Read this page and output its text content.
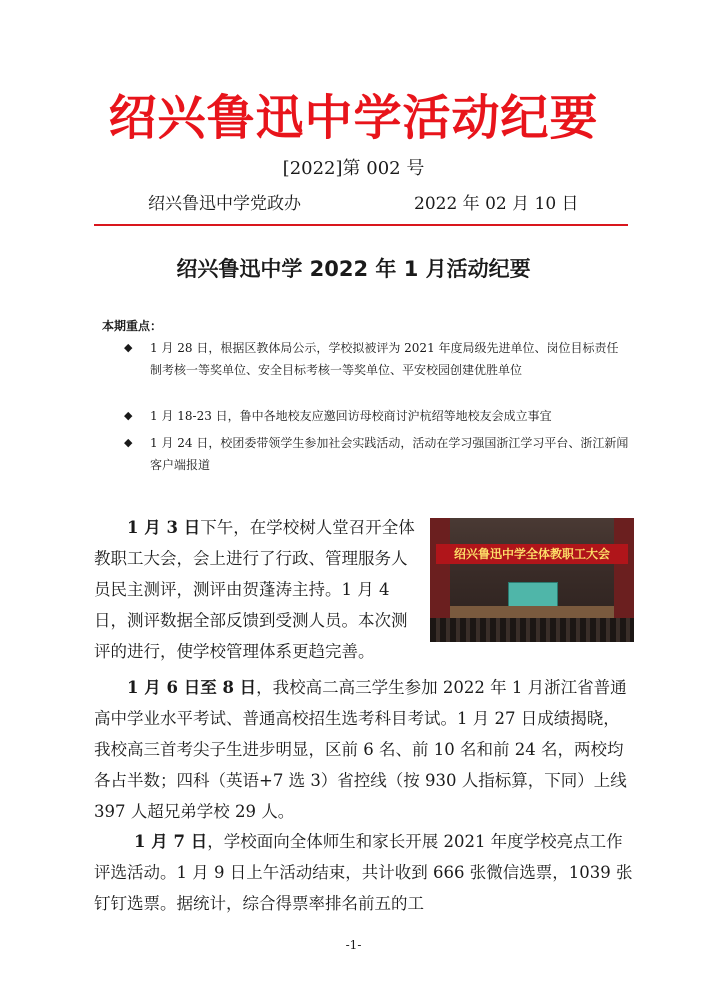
绍兴鲁迅中学活动纪要
[2022]第 002 号
绍兴鲁迅中学党政办	2022 年 02 月 10 日
绍兴鲁迅中学 2022 年 1 月活动纪要
本期重点：
◆ 1 月 28 日，根据区教体局公示，学校拟被评为 2021 年度局级先进单位、岗位目标责任制考核一等奖单位、安全目标考核一等奖单位、平安校园创建优胜单位
◆ 1 月 18-23 日，鲁中各地校友应邀回访母校商讨沪杭绍等地校友会成立事宜
◆ 1 月 24 日，校团委带领学生参加社会实践活动，活动在学习强国浙江学习平台、浙江新闻客户端报道
绍兴鲁迅中学全体教职工大会
1 月 3 日下午，在学校树人堂召开全体教职工大会，会上进行了行政、管理服务人员民主测评，测评由贺蓬涛主持。1 月 4 日，测评数据全部反馈到受测人员。本次测评的进行，使学校管理体系更趋完善。
1 月 6 日至 8 日，我校高二高三学生参加 2022 年 1 月浙江省普通高中学业水平考试、普通高校招生选考科目考试。1 月 27 日成绩揭晓，我校高三首考尖子生进步明显，区前 6 名、前 10 名和前 24 名，两校均各占半数；四科（英语+7 选 3）省控线（按 930 人指标算，下同）上线 397 人超兄弟学校 29 人。
1 月 7 日，学校面向全体师生和家长开展 2021 年度学校亮点工作评选活动。1 月 9 日上午活动结束，共计收到 666 张微信选票，1039 张钉钉选票。据统计，综合得票率排名前五的工
-1-
